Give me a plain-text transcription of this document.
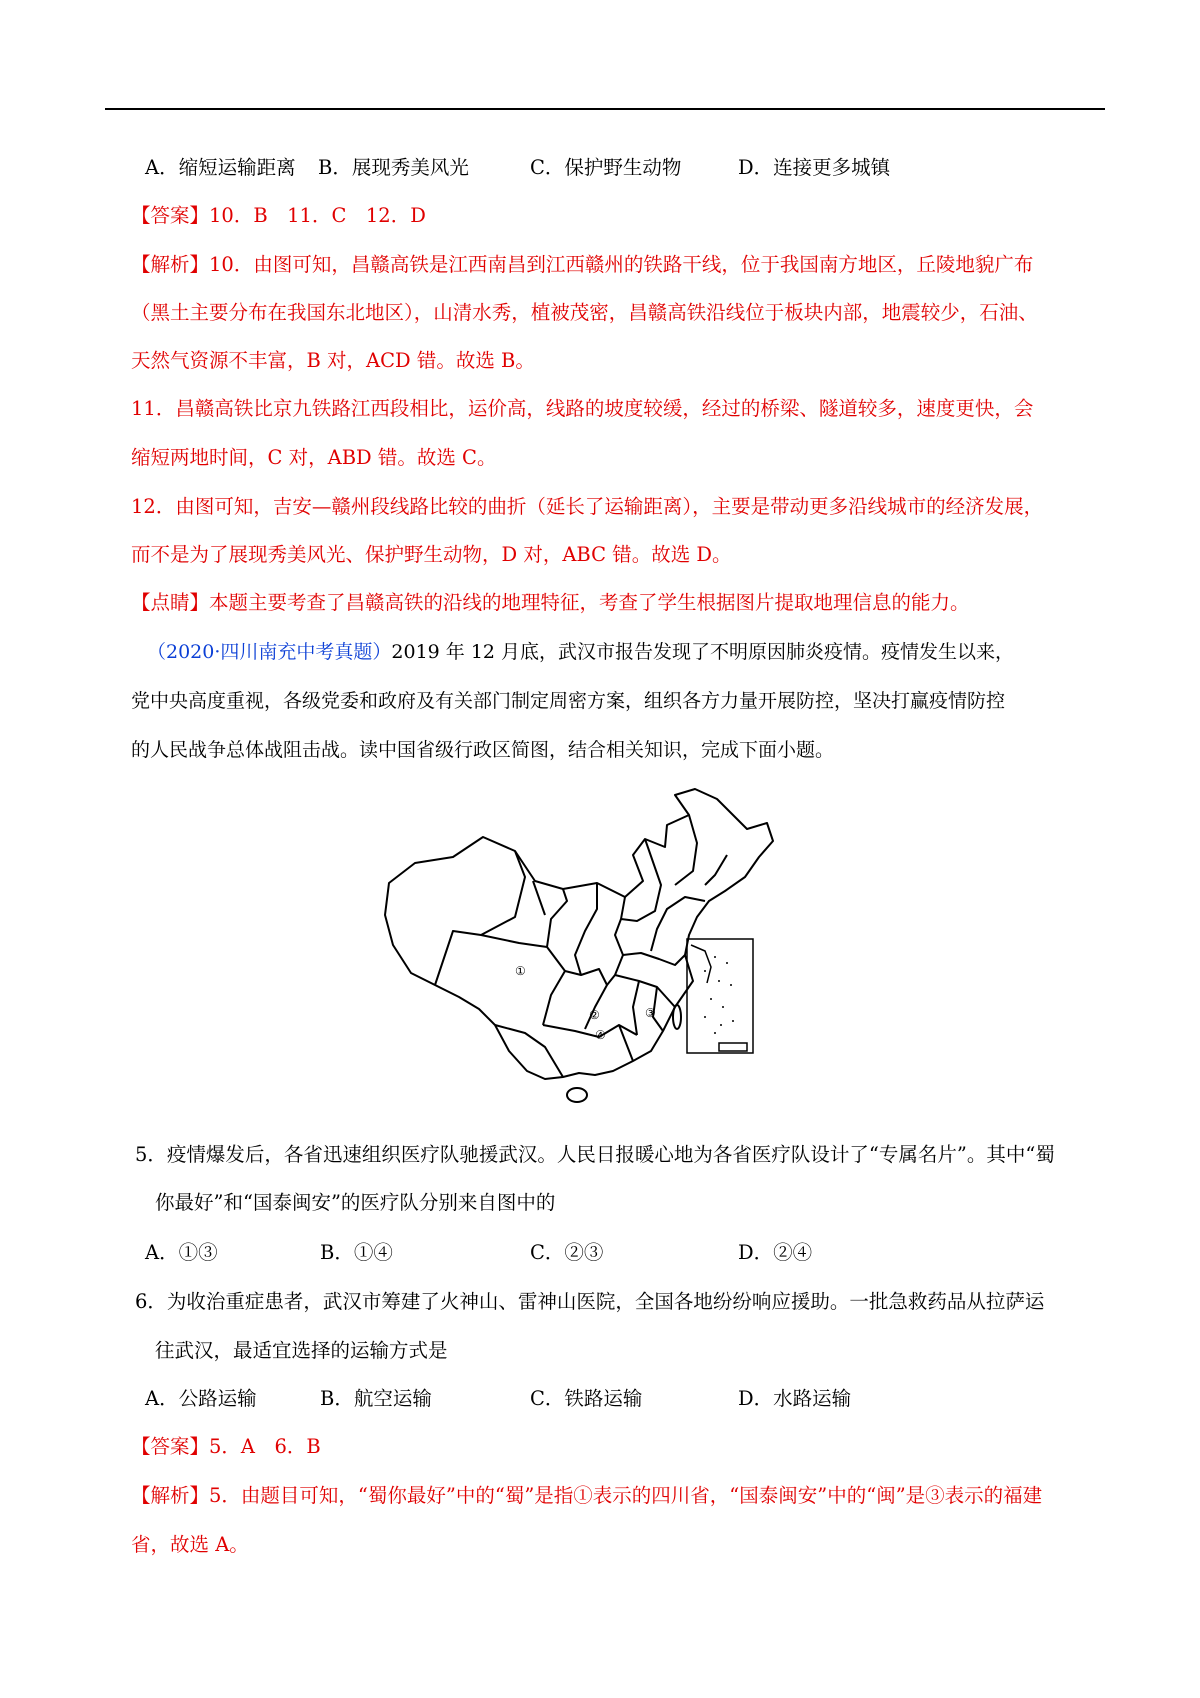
A．缩短运输距离 B．展现秀美风光	C．保护野生动物	D．连接更多城镇
【答案】10．B　11．C　12．D
【解析】10．由图可知，昌赣高铁是江西南昌到江西赣州的铁路干线，位于我国南方地区，丘陵地貌广布
（黑土主要分布在我国东北地区），山清水秀，植被茂密，昌赣高铁沿线位于板块内部，地震较少，石油、
天然气资源不丰富，B 对，ACD 错。故选 B。
11．昌赣高铁比京九铁路江西段相比，运价高，线路的坡度较缓，经过的桥梁、隧道较多，速度更快，会
缩短两地时间，C 对，ABD 错。故选 C。
12．由图可知，吉安—赣州段线路比较的曲折（延长了运输距离），主要是带动更多沿线城市的经济发展，
而不是为了展现秀美风光、保护野生动物，D 对，ABC 错。故选 D。
【点睛】本题主要考查了昌赣高铁的沿线的地理特征，考查了学生根据图片提取地理信息的能力。
（2020·四川南充中考真题）2019 年 12 月底，武汉市报告发现了不明原因肺炎疫情。疫情发生以来，
党中央高度重视，各级党委和政府及有关部门制定周密方案，组织各方力量开展防控，坚决打赢疫情防控
的人民战争总体战阻击战。读中国省级行政区简图，结合相关知识，完成下面小题。
①
②	③
④
5．疫情爆发后，各省迅速组织医疗队驰援武汉。人民日报暖心地为各省医疗队设计了“专属名片”。其中“蜀
你最好”和“国泰闽安”的医疗队分别来自图中的
A．①③	B．①④	C．②③	D．②④
6．为收治重症患者，武汉市筹建了火神山、雷神山医院，全国各地纷纷响应援助。一批急救药品从拉萨运
往武汉，最适宜选择的运输方式是
A．公路运输	B．航空运输	C．铁路运输	D．水路运输
【答案】5．A　6．B
【解析】5．由题目可知，“蜀你最好”中的“蜀”是指①表示的四川省，“国泰闽安”中的“闽”是③表示的福建
省，故选 A。
